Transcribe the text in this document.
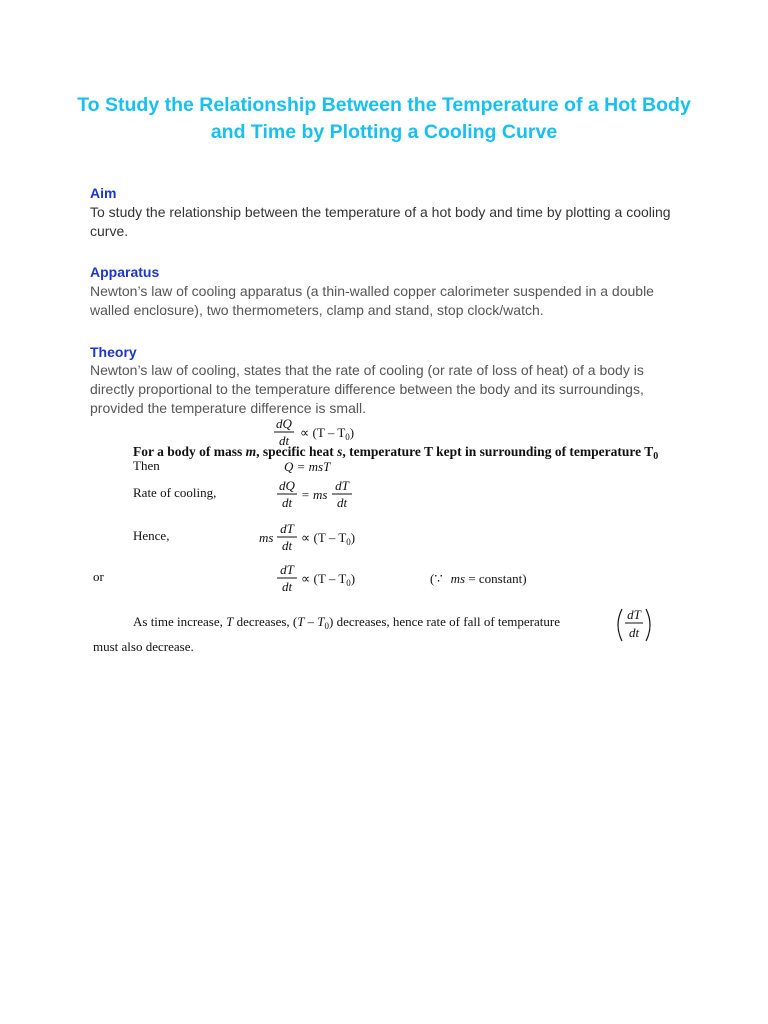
To Study the Relationship Between the Temperature of a Hot Body and Time by Plotting a Cooling Curve
Aim

To study the relationship between the temperature of a hot body and time by plotting a cooling curve.

Apparatus

Newton’s law of cooling apparatus (a thin-walled copper calorimeter suspended in a double walled enclosure), two thermometers, clamp and stand, stop clock/watch.

Theory

Newton’s law of cooling, states that the rate of cooling (or rate of loss of heat) of a body is directly proportional to the temperature difference between the body and its surroundings, provided the temperature difference is small.

dQ
dt
∝ $(T - T_0)$
For a body of mass m, specific heat s, temperature T kept in surrounding of temperature $T_0$
Then	Q = msT
Rate of cooling,	dQ
dt
= ms
dT
dt
Hence,	ms
dT
dt
∝ $(T - T_0)$
or	dT
dt
∝ $(T - T_0)$	(∵ ms = constant)
As time increase, T decreases, $(T - T_0)$ decreases, hence rate of fall of temperature	dT
dt
must also decrease.
